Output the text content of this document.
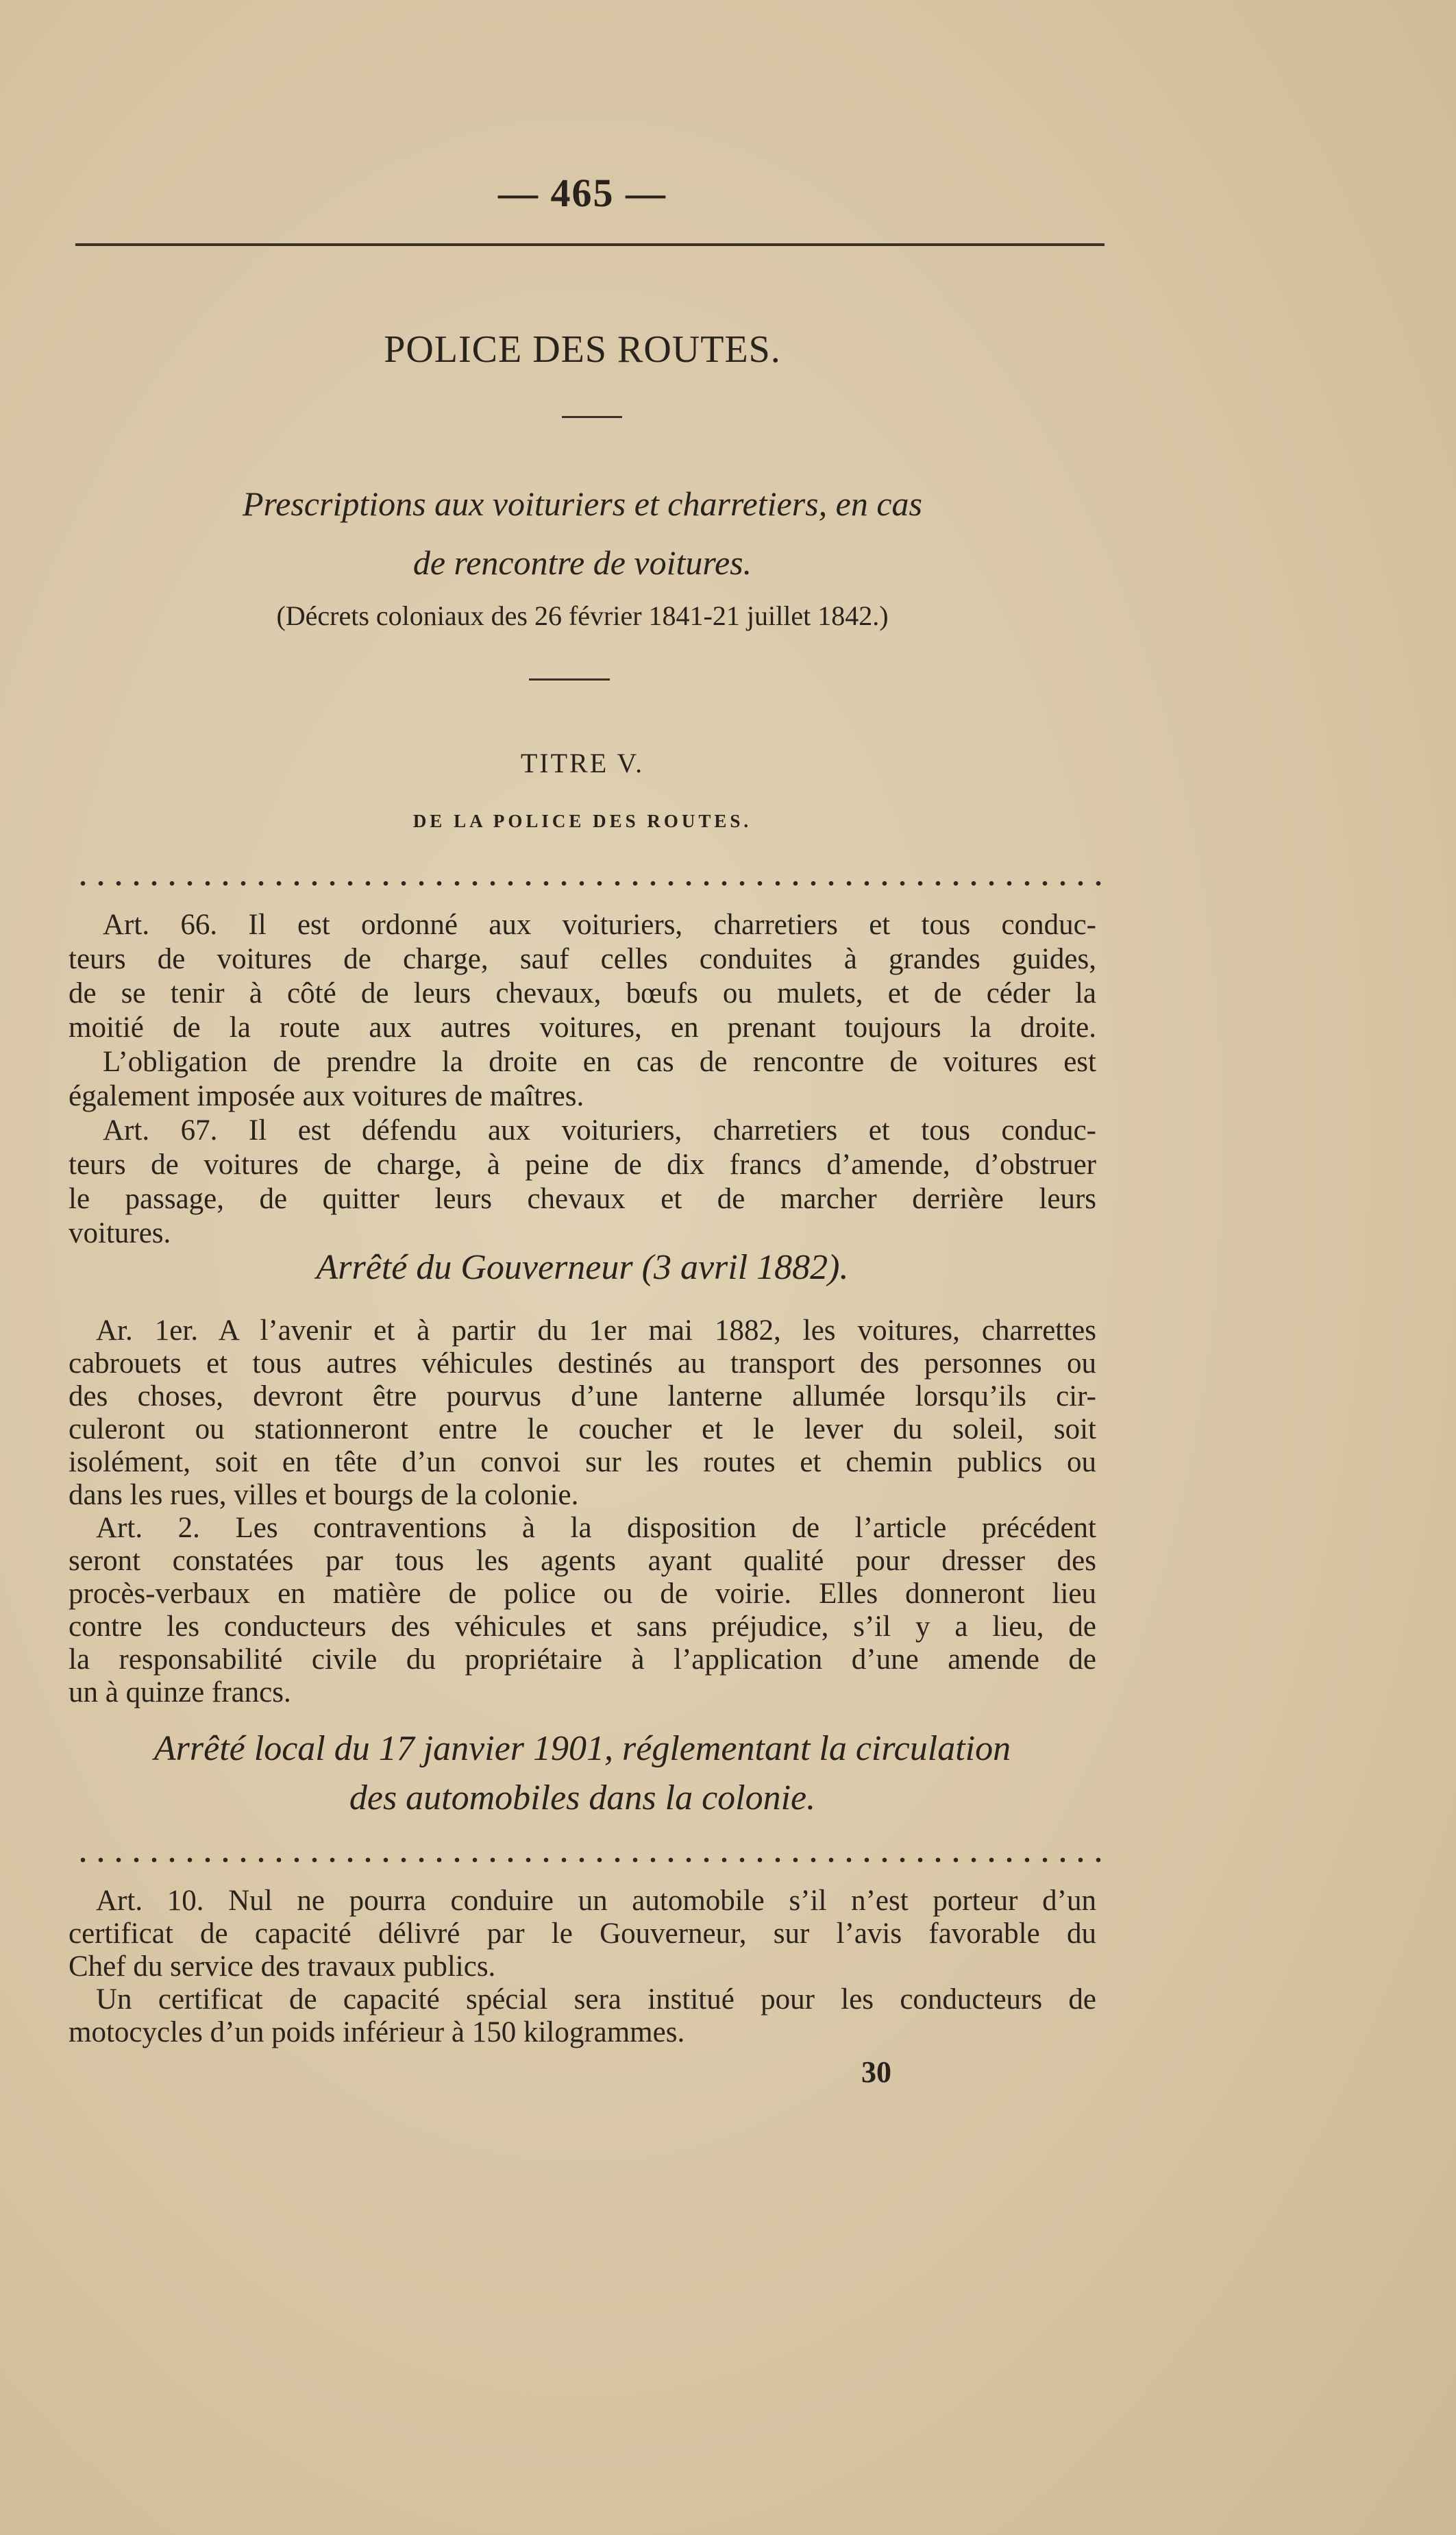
— 465 —
POLICE DES ROUTES.
Prescriptions aux voituriers et charretiers, en cas
de rencontre de voitures.
(Décrets coloniaux des 26 février 1841-21 juillet 1842.)
TITRE V.
DE LA POLICE DES ROUTES.
Art. 66. Il est ordonné aux voituriers, charretiers et tous conduc-
teurs de voitures de charge, sauf celles conduites à grandes guides,
de se tenir à côté de leurs chevaux, bœufs ou mulets, et de céder la
moitié de la route aux autres voitures, en prenant toujours la droite.
L’obligation de prendre la droite en cas de rencontre de voitures est
également imposée aux voitures de maîtres.
Art. 67. Il est défendu aux voituriers, charretiers et tous conduc-
teurs de voitures de charge, à peine de dix francs d’amende, d’obstruer
le passage, de quitter leurs chevaux et de marcher derrière leurs
voitures.
Arrêté du Gouverneur (3 avril 1882).
Ar. 1er. A l’avenir et à partir du 1er mai 1882, les voitures, charrettes
cabrouets et tous autres véhicules destinés au transport des personnes ou
des choses, devront être pourvus d’une lanterne allumée lorsqu’ils cir-
culeront ou stationneront entre le coucher et le lever du soleil, soit
isolément, soit en tête d’un convoi sur les routes et chemin publics ou
dans les rues, villes et bourgs de la colonie.
Art. 2. Les contraventions à la disposition de l’article précédent
seront constatées par tous les agents ayant qualité pour dresser des
procès-verbaux en matière de police ou de voirie. Elles donneront lieu
contre les conducteurs des véhicules et sans préjudice, s’il y a lieu, de
la responsabilité civile du propriétaire à l’application d’une amende de
un à quinze francs.
Arrêté local du 17 janvier 1901, réglementant la circulation
des automobiles dans la colonie.
Art. 10. Nul ne pourra conduire un automobile s’il n’est porteur d’un
certificat de capacité délivré par le Gouverneur, sur l’avis favorable du
Chef du service des travaux publics.
Un certificat de capacité spécial sera institué pour les conducteurs de
motocycles d’un poids inférieur à 150 kilogrammes.
30
